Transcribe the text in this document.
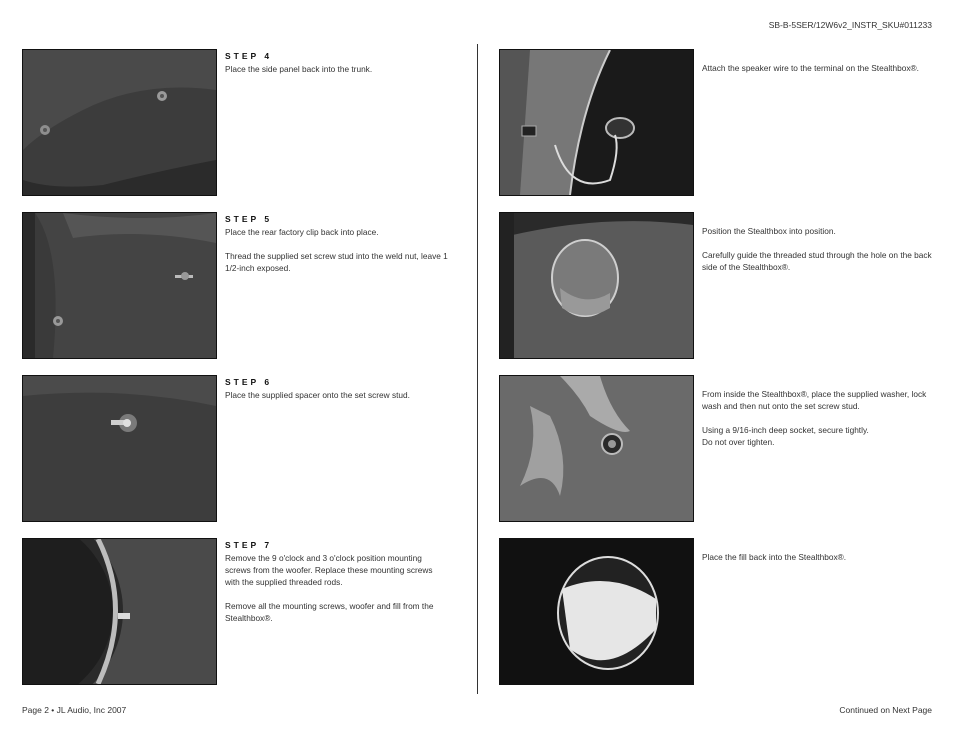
SB-B-5SER/12W6v2_INSTR_SKU#011233
STEP 4
Place the side panel back into the trunk.
STEP 5
Place the rear factory clip back into place.
Thread the supplied set screw stud into the weld nut, leave 1 1/2-inch exposed.
STEP 6
Place the supplied spacer onto the set screw stud.
STEP 7
Remove the 9 o'clock and 3 o'clock position mounting screws from the woofer. Replace these mounting screws with the supplied threaded rods.
Remove all the mounting screws, woofer and fill from the Stealthbox®.
Attach the speaker wire to the terminal on the Stealthbox®.
Position the Stealthbox into position.
Carefully guide the threaded stud through the hole on the back side of the Stealthbox®.
From inside the Stealthbox®, place the supplied washer, lock wash and then nut onto the set screw stud.
Using a 9/16-inch deep socket, secure tightly.
Do not over tighten.
Place the fill back into the Stealthbox®.
Page 2 • JL Audio, Inc 2007	Continued on Next Page
